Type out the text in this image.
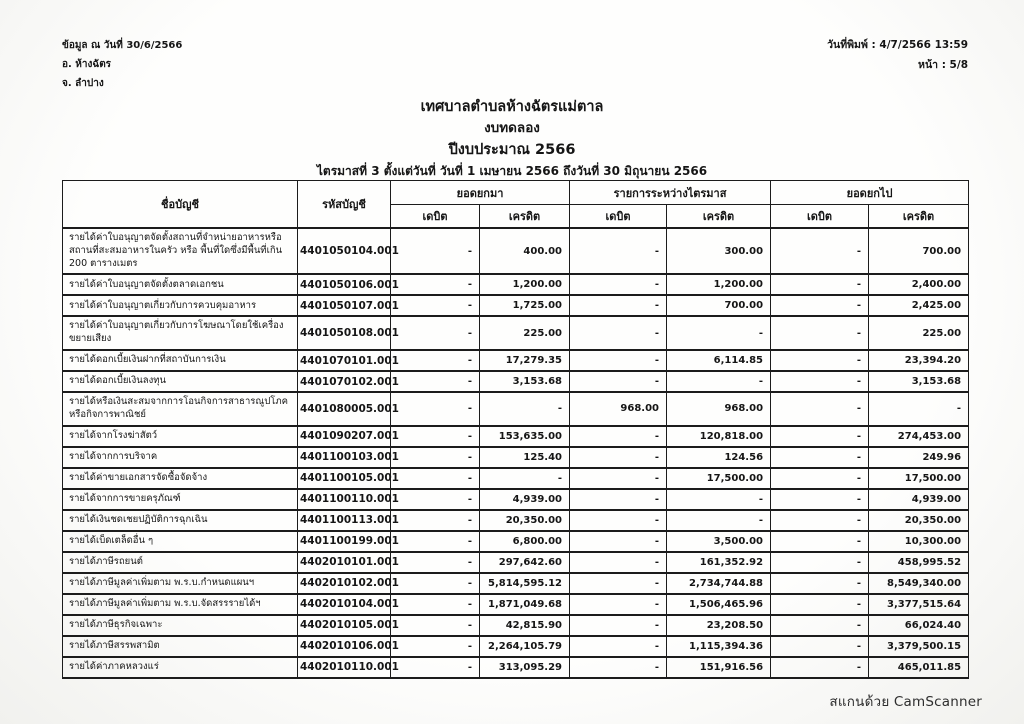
ข้อมูล ณ วันที่ 30/6/2566
อ. ห้างฉัตร
จ. ลำปาง
วันที่พิมพ์ : 4/7/2566 13:59
หน้า : 5/8
เทศบาลตำบลห้างฉัตรแม่ตาล
งบทดลอง
ปีงบประมาณ 2566
ไตรมาสที่ 3 ตั้งแต่วันที่ วันที่ 1 เมษายน 2566 ถึงวันที่ 30 มิถุนายน 2566
ชื่อบัญชี	รหัสบัญชี	ยอดยกมา		รายการระหว่างไตรมาส		ยอดยกไป	
		เดบิต	เครดิต	เดบิต	เครดิต	เดบิต	เครดิต
รายได้ค่าใบอนุญาตจัดตั้งสถานที่จำหน่ายอาหารหรือสถานที่สะสมอาหารในครัว หรือ พื้นที่ใดซึ่งมีพื้นที่เกิน 200 ตารางเมตร	4401050104.001	-	400.00	-	300.00	-	700.00
รายได้ค่าใบอนุญาตจัดตั้งตลาดเอกชน	4401050106.001	-	1,200.00	-	1,200.00	-	2,400.00
รายได้ค่าใบอนุญาตเกี่ยวกับการควบคุมอาหาร	4401050107.001	-	1,725.00	-	700.00	-	2,425.00
รายได้ค่าใบอนุญาตเกี่ยวกับการโฆษณาโดยใช้เครื่องขยายเสียง	4401050108.001	-	225.00	-	-	-	225.00
รายได้ดอกเบี้ยเงินฝากที่สถาบันการเงิน	4401070101.001	-	17,279.35	-	6,114.85	-	23,394.20
รายได้ดอกเบี้ยเงินลงทุน	4401070102.001	-	3,153.68	-	-	-	3,153.68
รายได้หรือเงินสะสมจากการโอนกิจการสาธารณูปโภคหรือกิจการพาณิชย์	4401080005.001	-	-	968.00	968.00	-	-
รายได้จากโรงฆ่าสัตว์	4401090207.001	-	153,635.00	-	120,818.00	-	274,453.00
รายได้จากการบริจาค	4401100103.001	-	125.40	-	124.56	-	249.96
รายได้ค่าขายเอกสารจัดซื้อจัดจ้าง	4401100105.001	-	-	-	17,500.00	-	17,500.00
รายได้จากการขายครุภัณฑ์	4401100110.001	-	4,939.00	-	-	-	4,939.00
รายได้เงินชดเชยปฏิบัติการฉุกเฉิน	4401100113.001	-	20,350.00	-	-	-	20,350.00
รายได้เบ็ดเตล็ดอื่น ๆ	4401100199.001	-	6,800.00	-	3,500.00	-	10,300.00
รายได้ภาษีรถยนต์	4402010101.001	-	297,642.60	-	161,352.92	-	458,995.52
รายได้ภาษีมูลค่าเพิ่มตาม พ.ร.บ.กำหนดแผนฯ	4402010102.001	-	5,814,595.12	-	2,734,744.88	-	8,549,340.00
รายได้ภาษีมูลค่าเพิ่มตาม พ.ร.บ.จัดสรรรายได้ฯ	4402010104.001	-	1,871,049.68	-	1,506,465.96	-	3,377,515.64
รายได้ภาษีธุรกิจเฉพาะ	4402010105.001	-	42,815.90	-	23,208.50	-	66,024.40
รายได้ภาษีสรรพสามิต	4402010106.001	-	2,264,105.79	-	1,115,394.36	-	3,379,500.15
รายได้ค่าภาคหลวงแร่	4402010110.001	-	313,095.29	-	151,916.56	-	465,011.85
สแกนด้วย CamScanner
